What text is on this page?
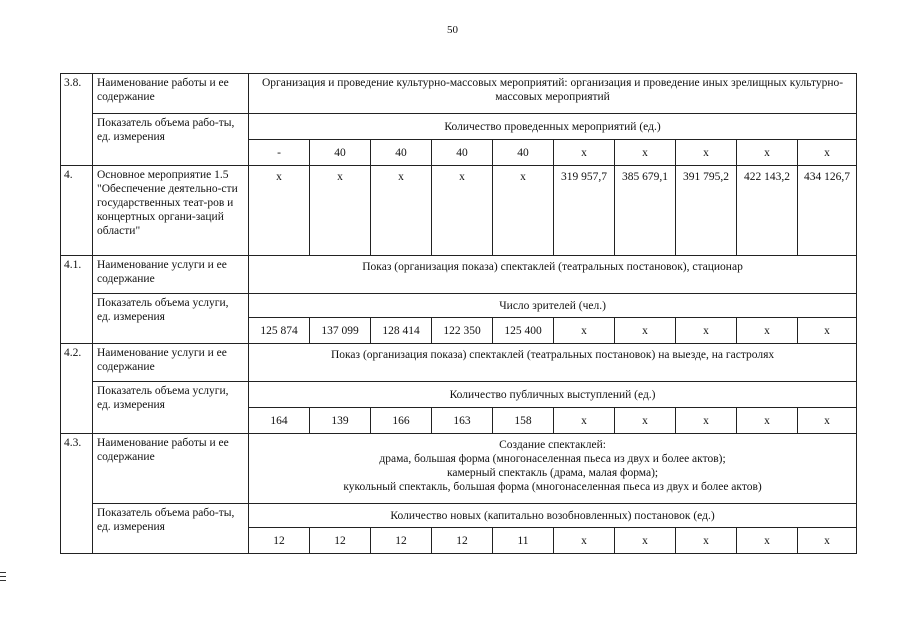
50
3.8.	Наименование работы и ее содержание	Организация и проведение культурно-массовых мероприятий: организация и проведение иных зрелищных культурно-массовых мероприятий									
	Показатель объема рабо-ты, ед. измерения	Количество проведенных мероприятий (ед.)									
		-	40	40	40	40	х	х	х	х	х
4.	Основное мероприятие 1.5 "Обеспечение деятельно-сти государственных теат-ров и концертных органи-заций области"	х	х	х	х	х	319 957,7	385 679,1	391 795,2	422 143,2	434 126,7
4.1.	Наименование услуги и ее содержание	Показ (организация показа) спектаклей (театральных постановок), стационар									
	Показатель объема услуги, ед. измерения	Число зрителей (чел.)									
		125 874	137 099	128 414	122 350	125 400	х	х	х	х	х
4.2.	Наименование услуги и ее содержание	Показ (организация показа) спектаклей (театральных постановок) на выезде, на гастролях									
	Показатель объема услуги, ед. измерения	Количество публичных выступлений (ед.)									
		164	139	166	163	158	х	х	х	х	х
4.3.	Наименование работы и ее содержание	Создание спектаклей:
драма, большая форма (многонаселенная пьеса из двух и более актов);
камерный спектакль (драма, малая форма);
кукольный спектакль, большая форма (многонаселенная пьеса из двух и более актов)									

	Показатель объема рабо-ты, ед. измерения	Количество новых (капитально возобновленных) постановок (ед.)									
		12	12	12	12	11	х	х	х	х	х
